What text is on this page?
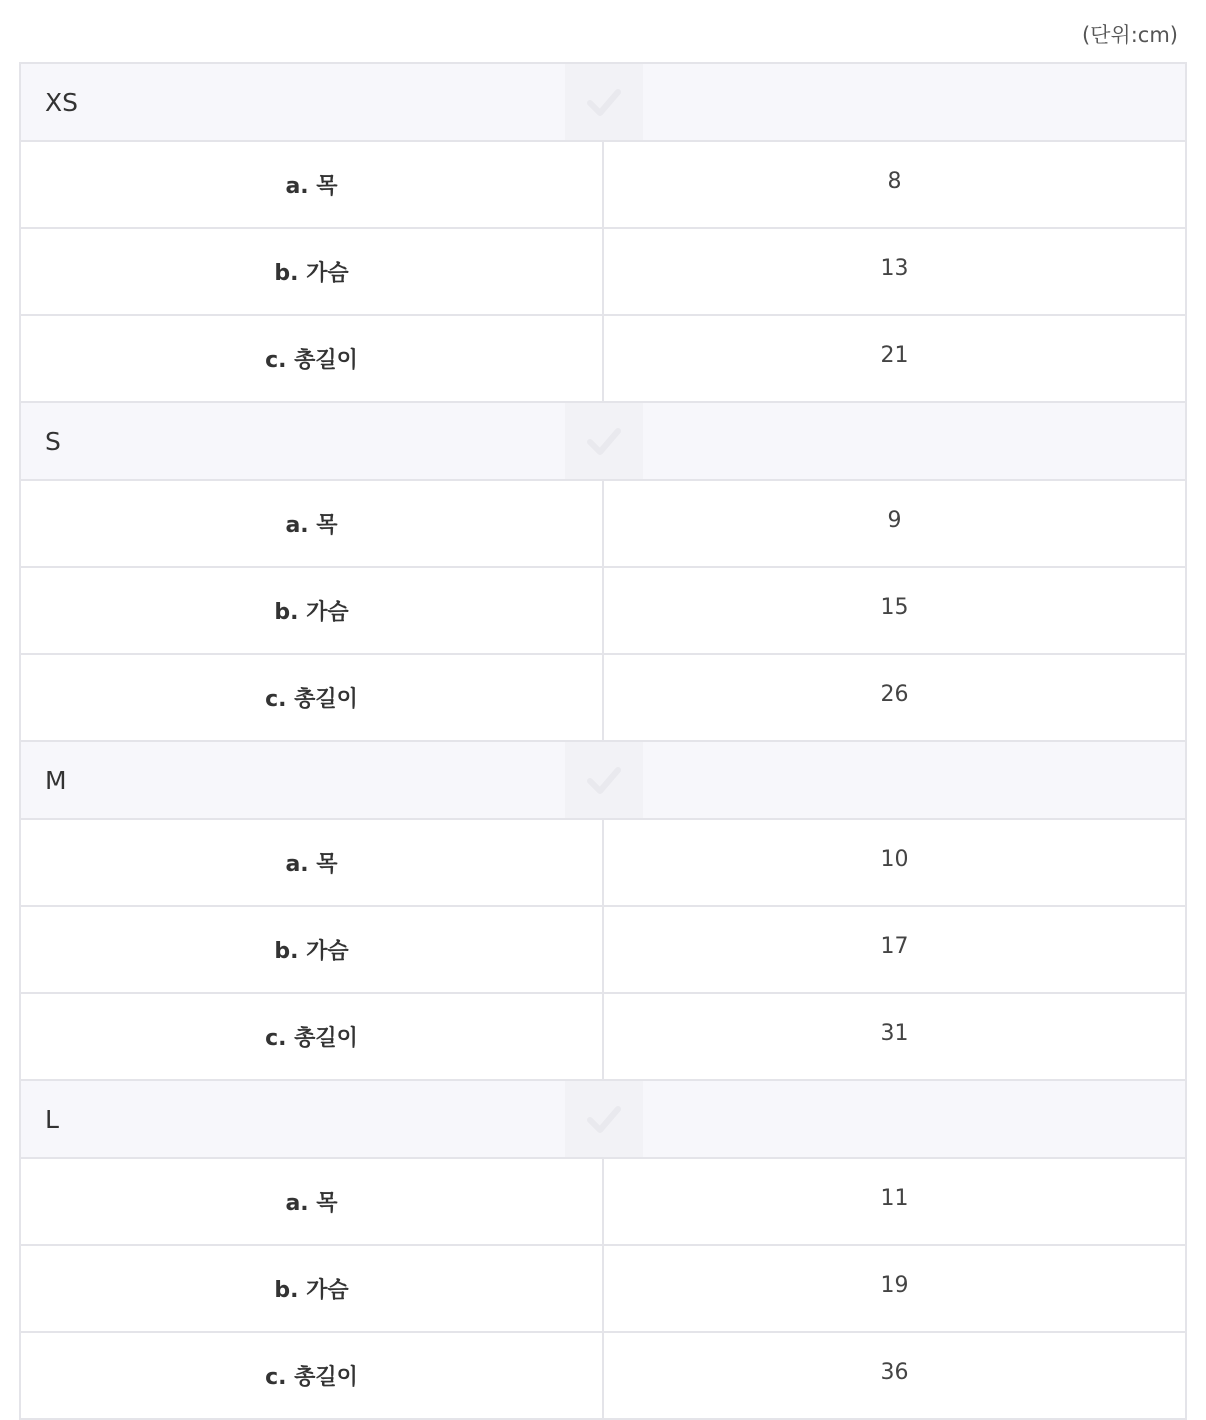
(단위:cm)
XS	

a. 목	8
b. 가슴	13
c. 총길이	21
S	

a. 목	9
b. 가슴	15
c. 총길이	26
M	

a. 목	10
b. 가슴	17
c. 총길이	31
L	

a. 목	11
b. 가슴	19
c. 총길이	36
